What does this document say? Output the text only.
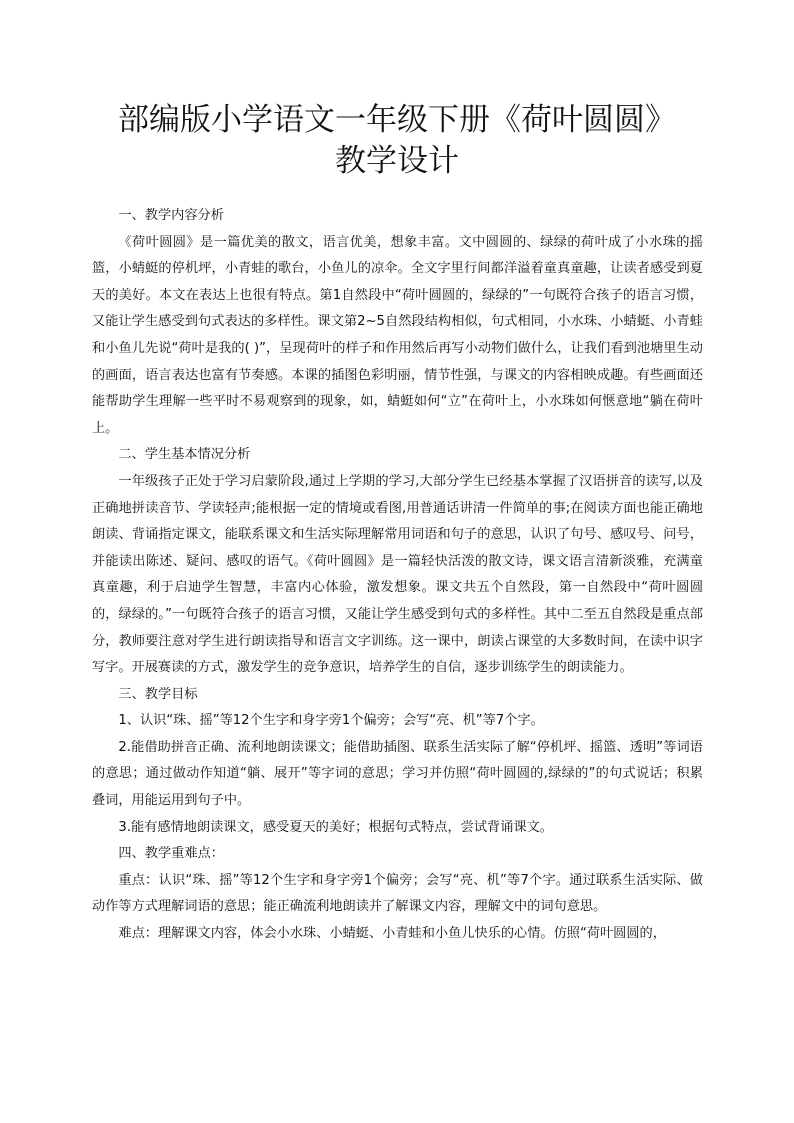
部编版小学语文一年级下册《荷叶圆圆》
教学设计

一、教学内容分析

《荷叶圆圆》是一篇优美的散文，语言优美，想象丰富。文中圆圆的、绿绿的荷叶成了小水珠的摇篮，小蜻蜓的停机坪，小青蛙的歌台，小鱼儿的凉伞。全文字里行间都洋溢着童真童趣，让读者感受到夏天的美好。本文在表达上也很有特点。第1自然段中“荷叶圆圆的，绿绿的”一句既符合孩子的语言习惯，又能让学生感受到句式表达的多样性。课文第2~5自然段结构相似，句式相同，小水珠、小蜻蜓、小青蛙和小鱼儿先说“荷叶是我的( )”，呈现荷叶的样子和作用然后再写小动物们做什么，让我们看到池塘里生动的画面，语言表达也富有节奏感。本课的插图色彩明丽，情节性强，与课文的内容相映成趣。有些画面还能帮助学生理解一些平时不易观察到的现象，如，蜻蜓如何“立”在荷叶上，小水珠如何惬意地“躺在荷叶上。

二、学生基本情况分析

一年级孩子正处于学习启蒙阶段,通过上学期的学习,大部分学生已经基本掌握了汉语拼音的读写,以及正确地拼读音节、学读轻声;能根据一定的情境或看图,用普通话讲清一件简单的事;在阅读方面也能正确地朗读、背诵指定课文，能联系课文和生活实际理解常用词语和句子的意思，认识了句号、感叹号、问号，并能读出陈述、疑问、感叹的语气。《荷叶圆圆》是一篇轻快活泼的散文诗，课文语言清新淡雅，充满童真童趣，利于启迪学生智慧，丰富内心体验，激发想象。课文共五个自然段，第一自然段中“荷叶圆圆的，绿绿的。”一句既符合孩子的语言习惯，又能让学生感受到句式的多样性。其中二至五自然段是重点部分，教师要注意对学生进行朗读指导和语言文字训练。这一课中，朗读占课堂的大多数时间，在读中识字写字。开展赛读的方式，激发学生的竞争意识，培养学生的自信，逐步训练学生的朗读能力。

三、教学目标

1、认识“珠、摇”等12个生字和身字旁1个偏旁；会写“亮、机”等7个字。

2.能借助拼音正确、流利地朗读课文；能借助插图、联系生活实际了解“停机坪、摇篮、透明”等词语的意思；通过做动作知道“躺、展开”等字词的意思；学习并仿照“荷叶圆圆的,绿绿的”的句式说话；积累叠词，用能运用到句子中。

3.能有感情地朗读课文，感受夏天的美好；根据句式特点，尝试背诵课文。

四、教学重难点：

重点：认识“珠、摇”等12个生字和身字旁1个偏旁；会写“亮、机”等7个字。通过联系生活实际、做动作等方式理解词语的意思；能正确流利地朗读并了解课文内容，理解文中的词句意思。

难点：理解课文内容，体会小水珠、小蜻蜓、小青蛙和小鱼儿快乐的心情。仿照“荷叶圆圆的，
